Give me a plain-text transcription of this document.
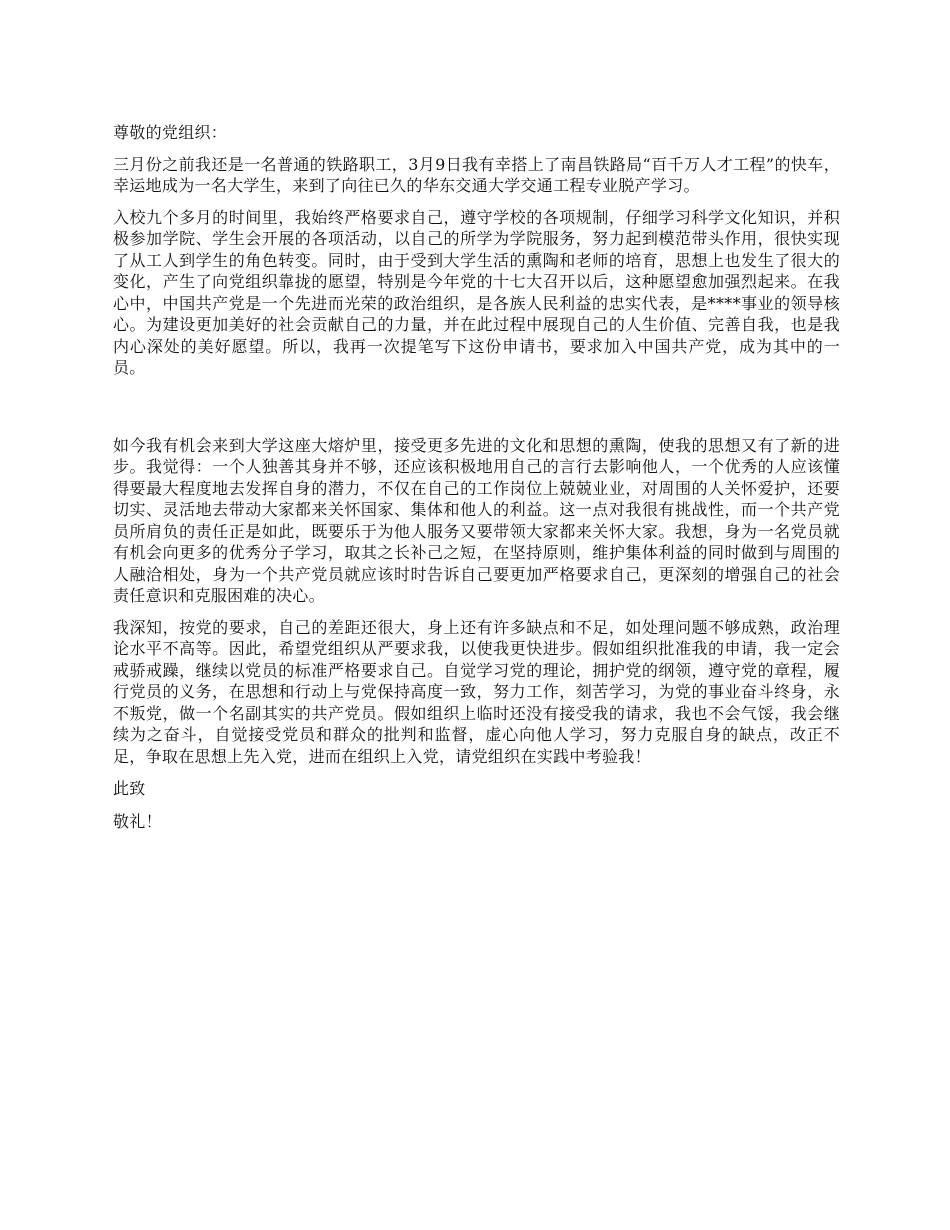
尊敬的党组织：

三月份之前我还是一名普通的铁路职工，3月9日我有幸搭上了南昌铁路局“百千万人才工程”的快车，幸运地成为一名大学生，来到了向往已久的华东交通大学交通工程专业脱产学习。

入校九个多月的时间里，我始终严格要求自己，遵守学校的各项规制，仔细学习科学文化知识，并积极参加学院、学生会开展的各项活动，以自己的所学为学院服务，努力起到模范带头作用，很快实现了从工人到学生的角色转变。同时，由于受到大学生活的熏陶和老师的培育，思想上也发生了很大的变化，产生了向党组织靠拢的愿望，特别是今年党的十七大召开以后，这种愿望愈加强烈起来。在我心中，中国共产党是一个先进而光荣的政治组织，是各族人民利益的忠实代表，是****事业的领导核心。为建设更加美好的社会贡献自己的力量，并在此过程中展现自己的人生价值、完善自我，也是我内心深处的美好愿望。所以，我再一次提笔写下这份申请书，要求加入中国共产党，成为其中的一员。

如今我有机会来到大学这座大熔炉里，接受更多先进的文化和思想的熏陶，使我的思想又有了新的进步。我觉得：一个人独善其身并不够，还应该积极地用自己的言行去影响他人，一个优秀的人应该懂得要最大程度地去发挥自身的潜力，不仅在自己的工作岗位上兢兢业业，对周围的人关怀爱护，还要切实、灵活地去带动大家都来关怀国家、集体和他人的利益。这一点对我很有挑战性，而一个共产党员所肩负的责任正是如此，既要乐于为他人服务又要带领大家都来关怀大家。我想，身为一名党员就有机会向更多的优秀分子学习，取其之长补己之短，在坚持原则，维护集体利益的同时做到与周围的人融洽相处，身为一个共产党员就应该时时告诉自己要更加严格要求自己，更深刻的增强自己的社会责任意识和克服困难的决心。

我深知，按党的要求，自己的差距还很大，身上还有许多缺点和不足，如处理问题不够成熟，政治理论水平不高等。因此，希望党组织从严要求我，以使我更快进步。假如组织批准我的申请，我一定会戒骄戒躁，继续以党员的标准严格要求自己。自觉学习党的理论，拥护党的纲领，遵守党的章程，履行党员的义务，在思想和行动上与党保持高度一致，努力工作，刻苦学习，为党的事业奋斗终身，永不叛党，做一个名副其实的共产党员。假如组织上临时还没有接受我的请求，我也不会气馁，我会继续为之奋斗，自觉接受党员和群众的批判和监督，虚心向他人学习，努力克服自身的缺点，改正不足，争取在思想上先入党，进而在组织上入党，请党组织在实践中考验我！

此致

敬礼！
